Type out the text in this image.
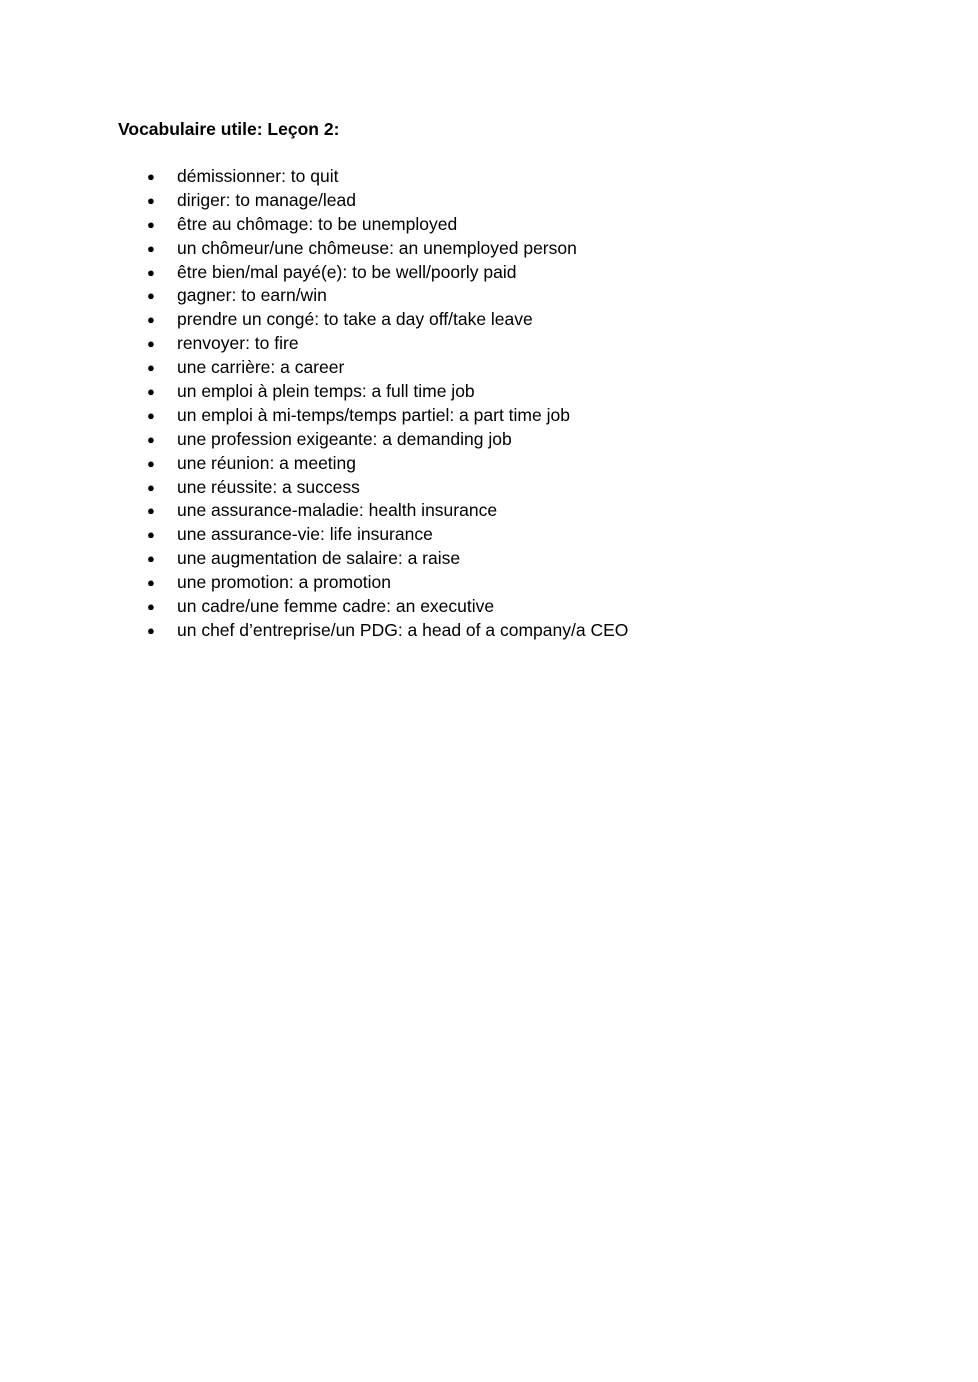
Vocabulaire utile: Leçon 2:
● démissionner: to quit
● diriger: to manage/lead
● être au chômage: to be unemployed
● un chômeur/une chômeuse: an unemployed person
● être bien/mal payé(e): to be well/poorly paid
● gagner: to earn/win
● prendre un congé: to take a day off/take leave
● renvoyer: to fire
● une carrière: a career
● un emploi à plein temps: a full time job
● un emploi à mi-temps/temps partiel: a part time job
● une profession exigeante: a demanding job
● une réunion: a meeting
● une réussite: a success
● une assurance-maladie: health insurance
● une assurance-vie: life insurance
● une augmentation de salaire: a raise
● une promotion: a promotion
● un cadre/une femme cadre: an executive
● un chef d’entreprise/un PDG: a head of a company/a CEO
